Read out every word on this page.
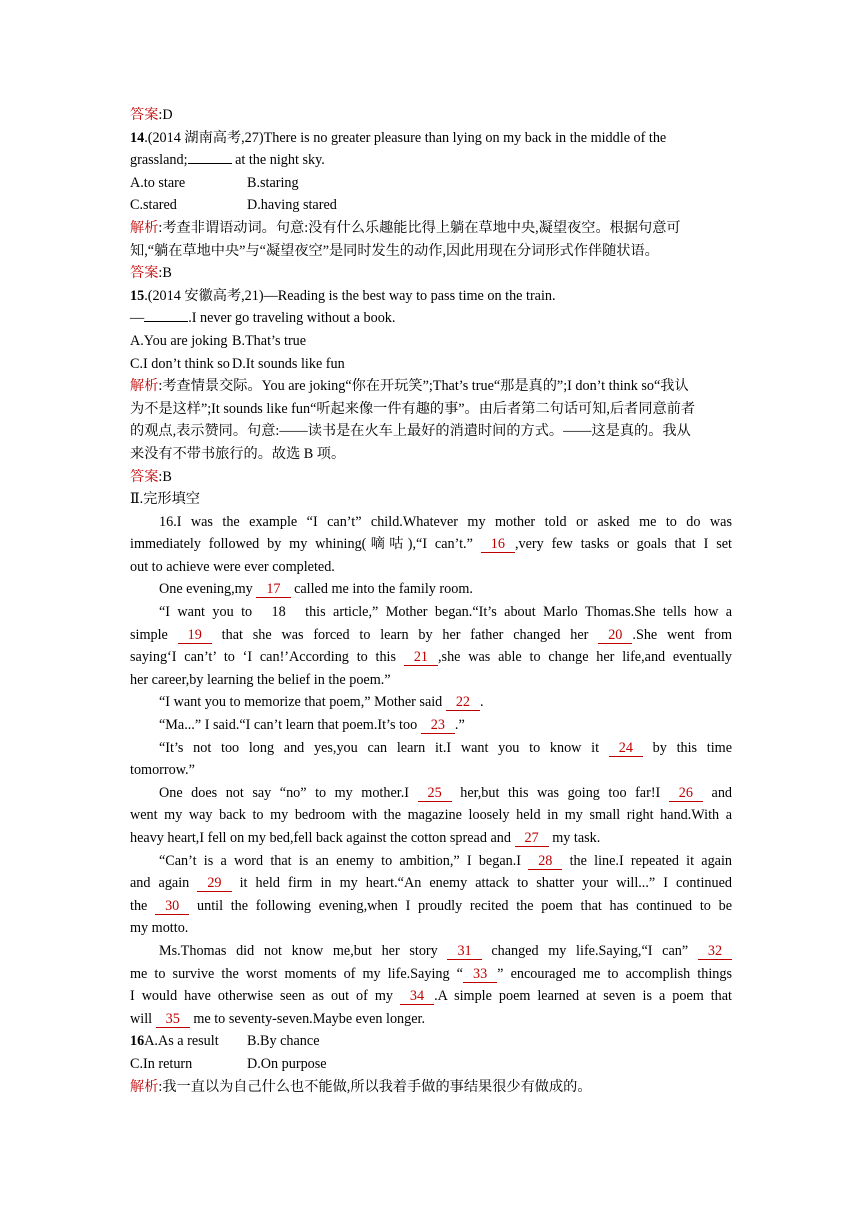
答案:D
14.(2014 湖南高考,27)There is no greater pleasure than lying on my back in the middle of the
grassland;	at the night sky.
A.to stare	B.staring
C.stared	D.having stared
解析:考查非谓语动词。句意:没有什么乐趣能比得上躺在草地中央,凝望夜空。根据句意可
知,“躺在草地中央”与“凝望夜空”是同时发生的动作,因此用现在分词形式作伴随状语。
答案:B
15.(2014 安徽高考,21)—Reading is the best way to pass time on the train.
—	.I never go traveling without a book.
A.You are joking B.That’s true
C.I don’t think so D.It sounds like fun
解析:考查情景交际。You are joking“你在开玩笑”;That’s true“那是真的”;I don’t think so“我认
为不是这样”;It sounds like fun“听起来像一件有趣的事”。由后者第二句话可知,后者同意前者
的观点,表示赞同。句意:——读书是在火车上最好的消遣时间的方式。——这是真的。我从
来没有不带书旅行的。故选 B 项。
答案:B
Ⅱ.完形填空
16.I was the example “I can’t” child.Whatever my mother told or asked me to do was
immediately followed by my whining(嘀咕),“I can’t.” 16 ,very few tasks or goals that I set
out to achieve were ever completed.
One evening,my 17 called me into the family room.
“I want you to 18 this article,” Mother began.“It’s about Marlo Thomas.She tells how a
simple 19 that she was forced to learn by her father changed her 20 .She went from
saying‘I can’t’ to ‘I can!’According to this 21 ,she was able to change her life,and eventually
her career,by learning the belief in the poem.”
“I want you to memorize that poem,” Mother said 22 .
“Ma...” I said.“I can’t learn that poem.It’s too 23 .”
“It’s not too long and yes,you can learn it.I want you to know it 24 by this time
tomorrow.”
One does not say “no” to my mother.I 25 her,but this was going too far!I 26 and
went my way back to my bedroom with the magazine loosely held in my small right hand.With a
heavy heart,I fell on my bed,fell back against the cotton spread and 27 my task.
“Can’t is a word that is an enemy to ambition,” I began.I 28 the line.I repeated it again
and again 29 it held firm in my heart.“An enemy attack to shatter your will...” I continued
the 30 until the following evening,when I proudly recited the poem that has continued to be
my motto.
Ms.Thomas did not know me,but her story 31 changed my life.Saying,“I can” 32
me to survive the worst moments of my life.Saying “ 33 ” encouraged me to accomplish things
I would have otherwise seen as out of my 34 .A simple poem learned at seven is a poem that
will 35 me to seventy-seven.Maybe even longer.
16A.As a result B.By chance
C.In return	D.On purpose
解析:我一直以为自己什么也不能做,所以我着手做的事结果很少有做成的。
